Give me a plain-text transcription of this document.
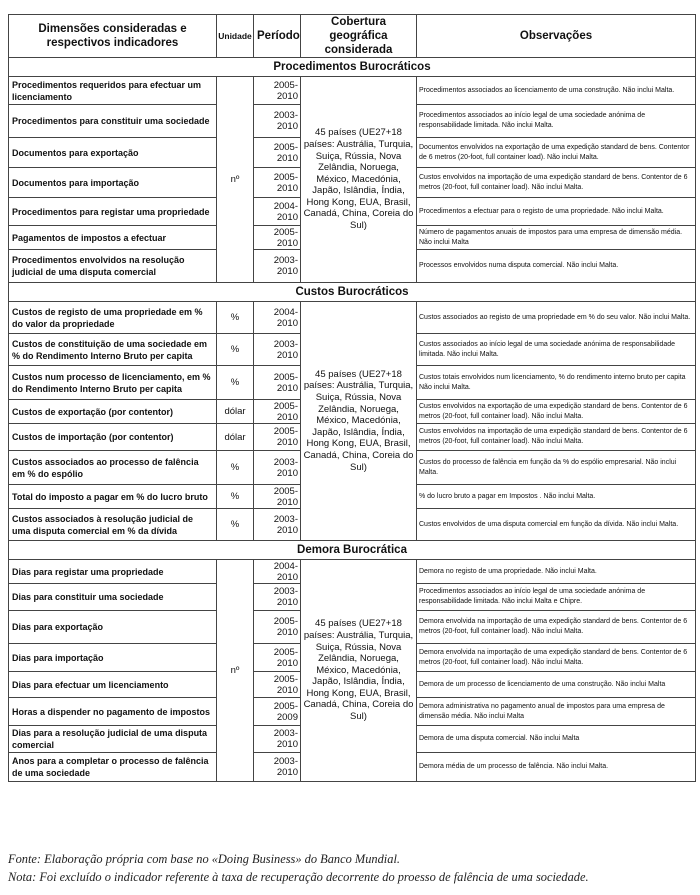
Dimensões consideradas e respectivos indicadores	Unidade	Período	Cobertura geográfica considerada	Observações
Procedimentos Burocráticos				
Procedimentos requeridos para efectuar um licenciamento	nº	2005-2010	45 países (UE27+18 países: Austrália, Turquia, Suiça, Rússia, Nova Zelândia, Noruega, México, Macedónia, Japão, Islândia, Índia, Hong Kong, EUA, Brasil, Canadá, China, Coreia do Sul)	Procedimentos associados ao licenciamento de uma construção. Não inclui Malta.
Procedimentos para constituir uma sociedade		2003-2010		Procedimentos associados ao início legal de uma sociedade anónima de responsabilidade limitada. Não inclui Malta.
Documentos para exportação		2005-2010		Documentos envolvidos na exportação de uma expedição standard de bens. Contentor de 6 metros (20-foot, full container load). Não inclui Malta.
Documentos para importação		2005-2010		Custos envolvidos na importação de uma expedição standard de bens. Contentor de 6 metros (20-foot, full container load). Não inclui Malta.
Procedimentos para registar uma propriedade		2004-2010		Procedimentos a efectuar para o registo de uma propriedade. Não inclui Malta.
Pagamentos de impostos a efectuar		2005-2010		Número de pagamentos anuais de impostos para uma empresa de dimensão média. Não inclui Malta
Procedimentos envolvidos na resolução judicial de uma disputa comercial		2003-2010		Processos envolvidos numa disputa comercial. Não inclui Malta.
Custos Burocráticos				
Custos de registo de uma propriedade em % do valor da propriedade	%	2004-2010	45 países (UE27+18 países: Austrália, Turquia, Suiça, Rússia, Nova Zelândia, Noruega, México, Macedónia, Japão, Islândia, Índia, Hong Kong, EUA, Brasil, Canadá, China, Coreia do Sul)	Custos associados ao registo de uma propriedade em % do seu valor. Não inclui Malta.
Custos de constituição de uma sociedade em % do Rendimento Interno Bruto per capita	%	2003-2010		Custos associados ao início legal de uma sociedade anónima de responsabilidade limitada. Não inclui Malta.
Custos num processo de licenciamento, em % do Rendimento Interno Bruto per capita	%	2005-2010		Custos totais envolvidos num licenciamento, % do rendimento interno bruto per capita Não inclui Malta.
Custos de exportação (por contentor)	dólar	2005-2010		Custos envolvidos na exportação de uma expedição standard de bens. Contentor de 6 metros (20-foot, full container load). Não inclui Malta.
Custos de importação (por contentor)	dólar	2005-2010		Custos envolvidos na importação de uma expedição standard de bens. Contentor de 6 metros (20-foot, full container load). Não inclui Malta.
Custos associados ao processo de falência em % do espólio	%	2003-2010		Custos do processo de falência em função da % do espólio empresarial. Não inclui Malta.
Total do imposto a pagar em % do lucro bruto	%	2005-2010		% do lucro bruto a pagar em Impostos . Não inclui Malta.
Custos associados à resolução judicial de uma disputa comercial em % da dívida	%	2003-2010		Custos envolvidos de uma disputa comercial em função da dívida. Não inclui Malta.
Demora Burocrática				
Dias para registar uma propriedade	nº	2004-2010	45 países (UE27+18 países: Austrália, Turquia, Suiça, Rússia, Nova Zelândia, Noruega, México, Macedónia, Japão, Islândia, Índia, Hong Kong, EUA, Brasil, Canadá, China, Coreia do Sul)	Demora no registo de uma propriedade. Não inclui Malta.
Dias para constituir uma sociedade		2003-2010		Procedimentos associados ao início legal de uma sociedade anónima de responsabilidade limitada. Não inclui Malta e Chipre.
Dias para exportação		2005-2010		Demora envolvida na importação de uma expedição standard de bens. Contentor de 6 metros (20-foot, full container load). Não inclui Malta.
Dias para importação		2005-2010		Demora envolvida na importação de uma expedição standard de bens. Contentor de 6 metros (20-foot, full container load). Não inclui Malta.
Dias para efectuar um licenciamento		2005-2010		Demora de um processo de licenciamento de uma construção. Não inclui Malta
Horas a dispender no pagamento de impostos		2005-2009		Demora administrativa no pagamento anual de impostos para uma empresa de dimensão média. Não inclui Malta
Dias para a resolução judicial de uma disputa comercial		2003-2010		Demora de uma disputa comercial. Não inclui Malta
Anos para a completar o processo de falência de uma sociedade		2003-2010		Demora média de um processo de falência. Não inclui Malta.
Fonte: Elaboração própria com base no «Doing Business» do Banco Mundial.
Nota: Foi excluído o indicador referente à taxa de recuperação decorrente do proesso de falência de uma sociedade.
